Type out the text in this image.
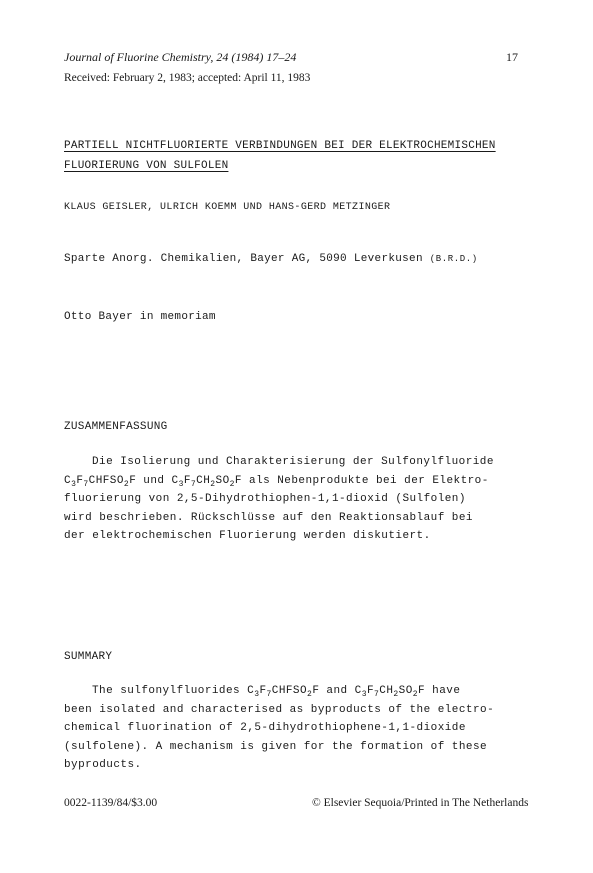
Journal of Fluorine Chemistry, 24 (1984) 17–24	17
Received: February 2, 1983; accepted: April 11, 1983
PARTIELL NICHTFLUORIERTE VERBINDUNGEN BEI DER ELEKTROCHEMISCHEN
FLUORIERUNG VON SULFOLEN
KLAUS GEISLER, ULRICH KOEMM UND HANS-GERD METZINGER
Sparte Anorg. Chemikalien, Bayer AG, 5090 Leverkusen (B.R.D.)
Otto Bayer in memoriam
ZUSAMMENFASSUNG
Die Isolierung und Charakterisierung der Sulfonylfluoride
$C_3F_7CHFSO_2F$ und $C_3F_7CH_2SO_2F$ als Nebenprodukte bei der Elektro-
fluorierung von 2,5-Dihydrothiophen-1,1-dioxid (Sulfolen)
wird beschrieben. Rückschlüsse auf den Reaktionsablauf bei
der elektrochemischen Fluorierung werden diskutiert.
SUMMARY
The sulfonylfluorides $C_3F_7CHFSO_2F$ and $C_3F_7CH_2SO_2F$ have
been isolated and characterised as byproducts of the electro-
chemical fluorination of 2,5-dihydrothiophene-1,1-dioxide
(sulfolene). A mechanism is given for the formation of these
byproducts.
0022-1139/84/$3.00	© Elsevier Sequoia/Printed in The Netherlands
